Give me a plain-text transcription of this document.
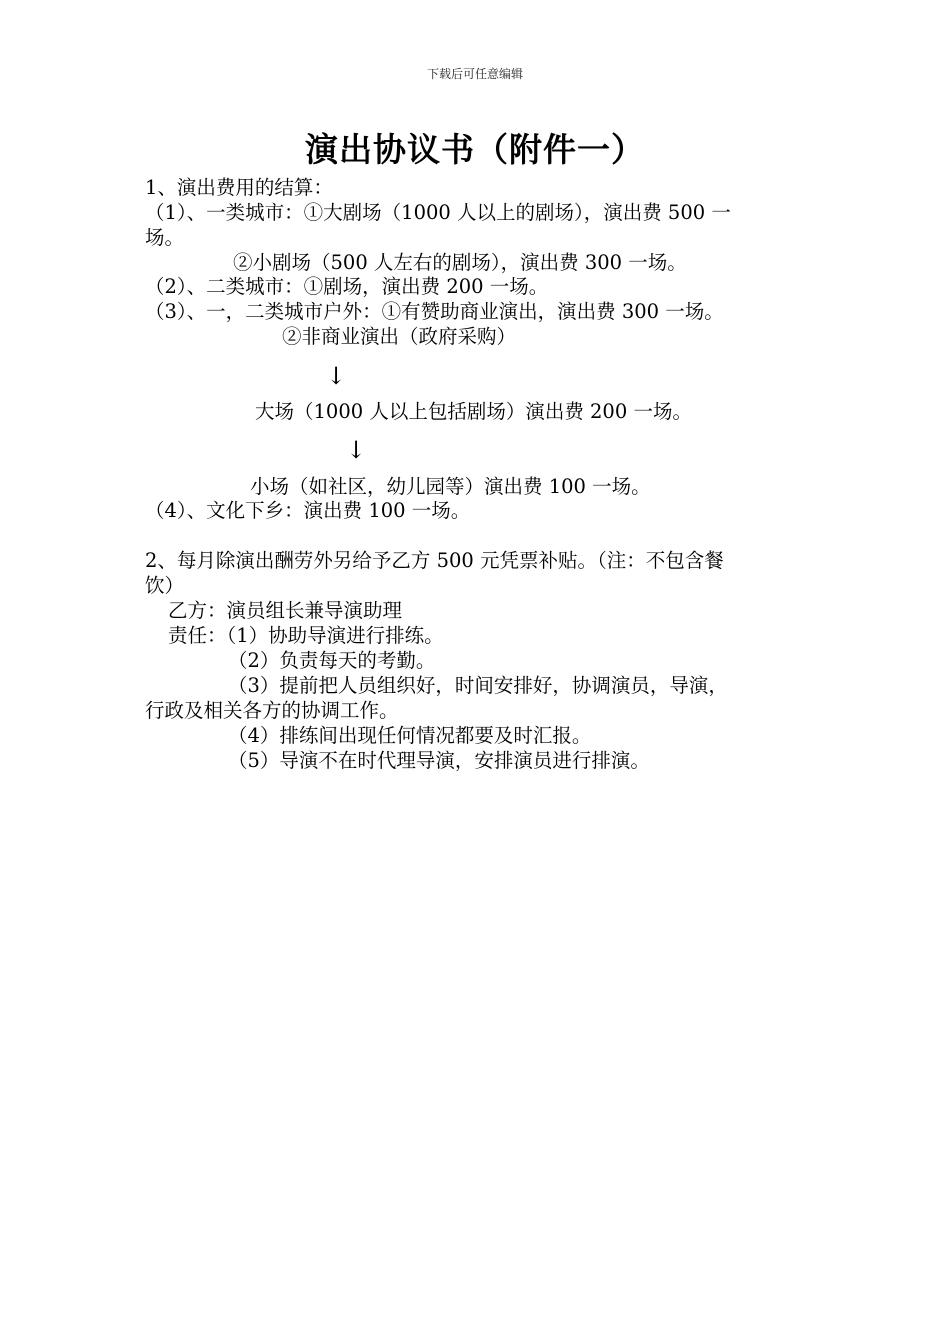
下载后可任意编辑
演出协议书（附件一）
1、演出费用的结算：
（1）、一类城市：①大剧场（1000 人以上的剧场），演出费 500 一
场。
②小剧场（500 人左右的剧场），演出费 300 一场。
（2）、二类城市：①剧场，演出费 200 一场。
（3）、一，二类城市户外：①有赞助商业演出，演出费 300 一场。
②非商业演出（政府采购）
↓
大场（1000 人以上包括剧场）演出费 200 一场。
↓
小场（如社区，幼儿园等）演出费 100 一场。
（4）、文化下乡：演出费 100 一场。
2、每月除演出酬劳外另给予乙方 500 元凭票补贴。（注：不包含餐
饮）
乙方：演员组长兼导演助理
责任：（1）协助导演进行排练。
（2）负责每天的考勤。
（3）提前把人员组织好，时间安排好，协调演员，导演，
行政及相关各方的协调工作。
（4）排练间出现任何情况都要及时汇报。
（5）导演不在时代理导演，安排演员进行排演。
